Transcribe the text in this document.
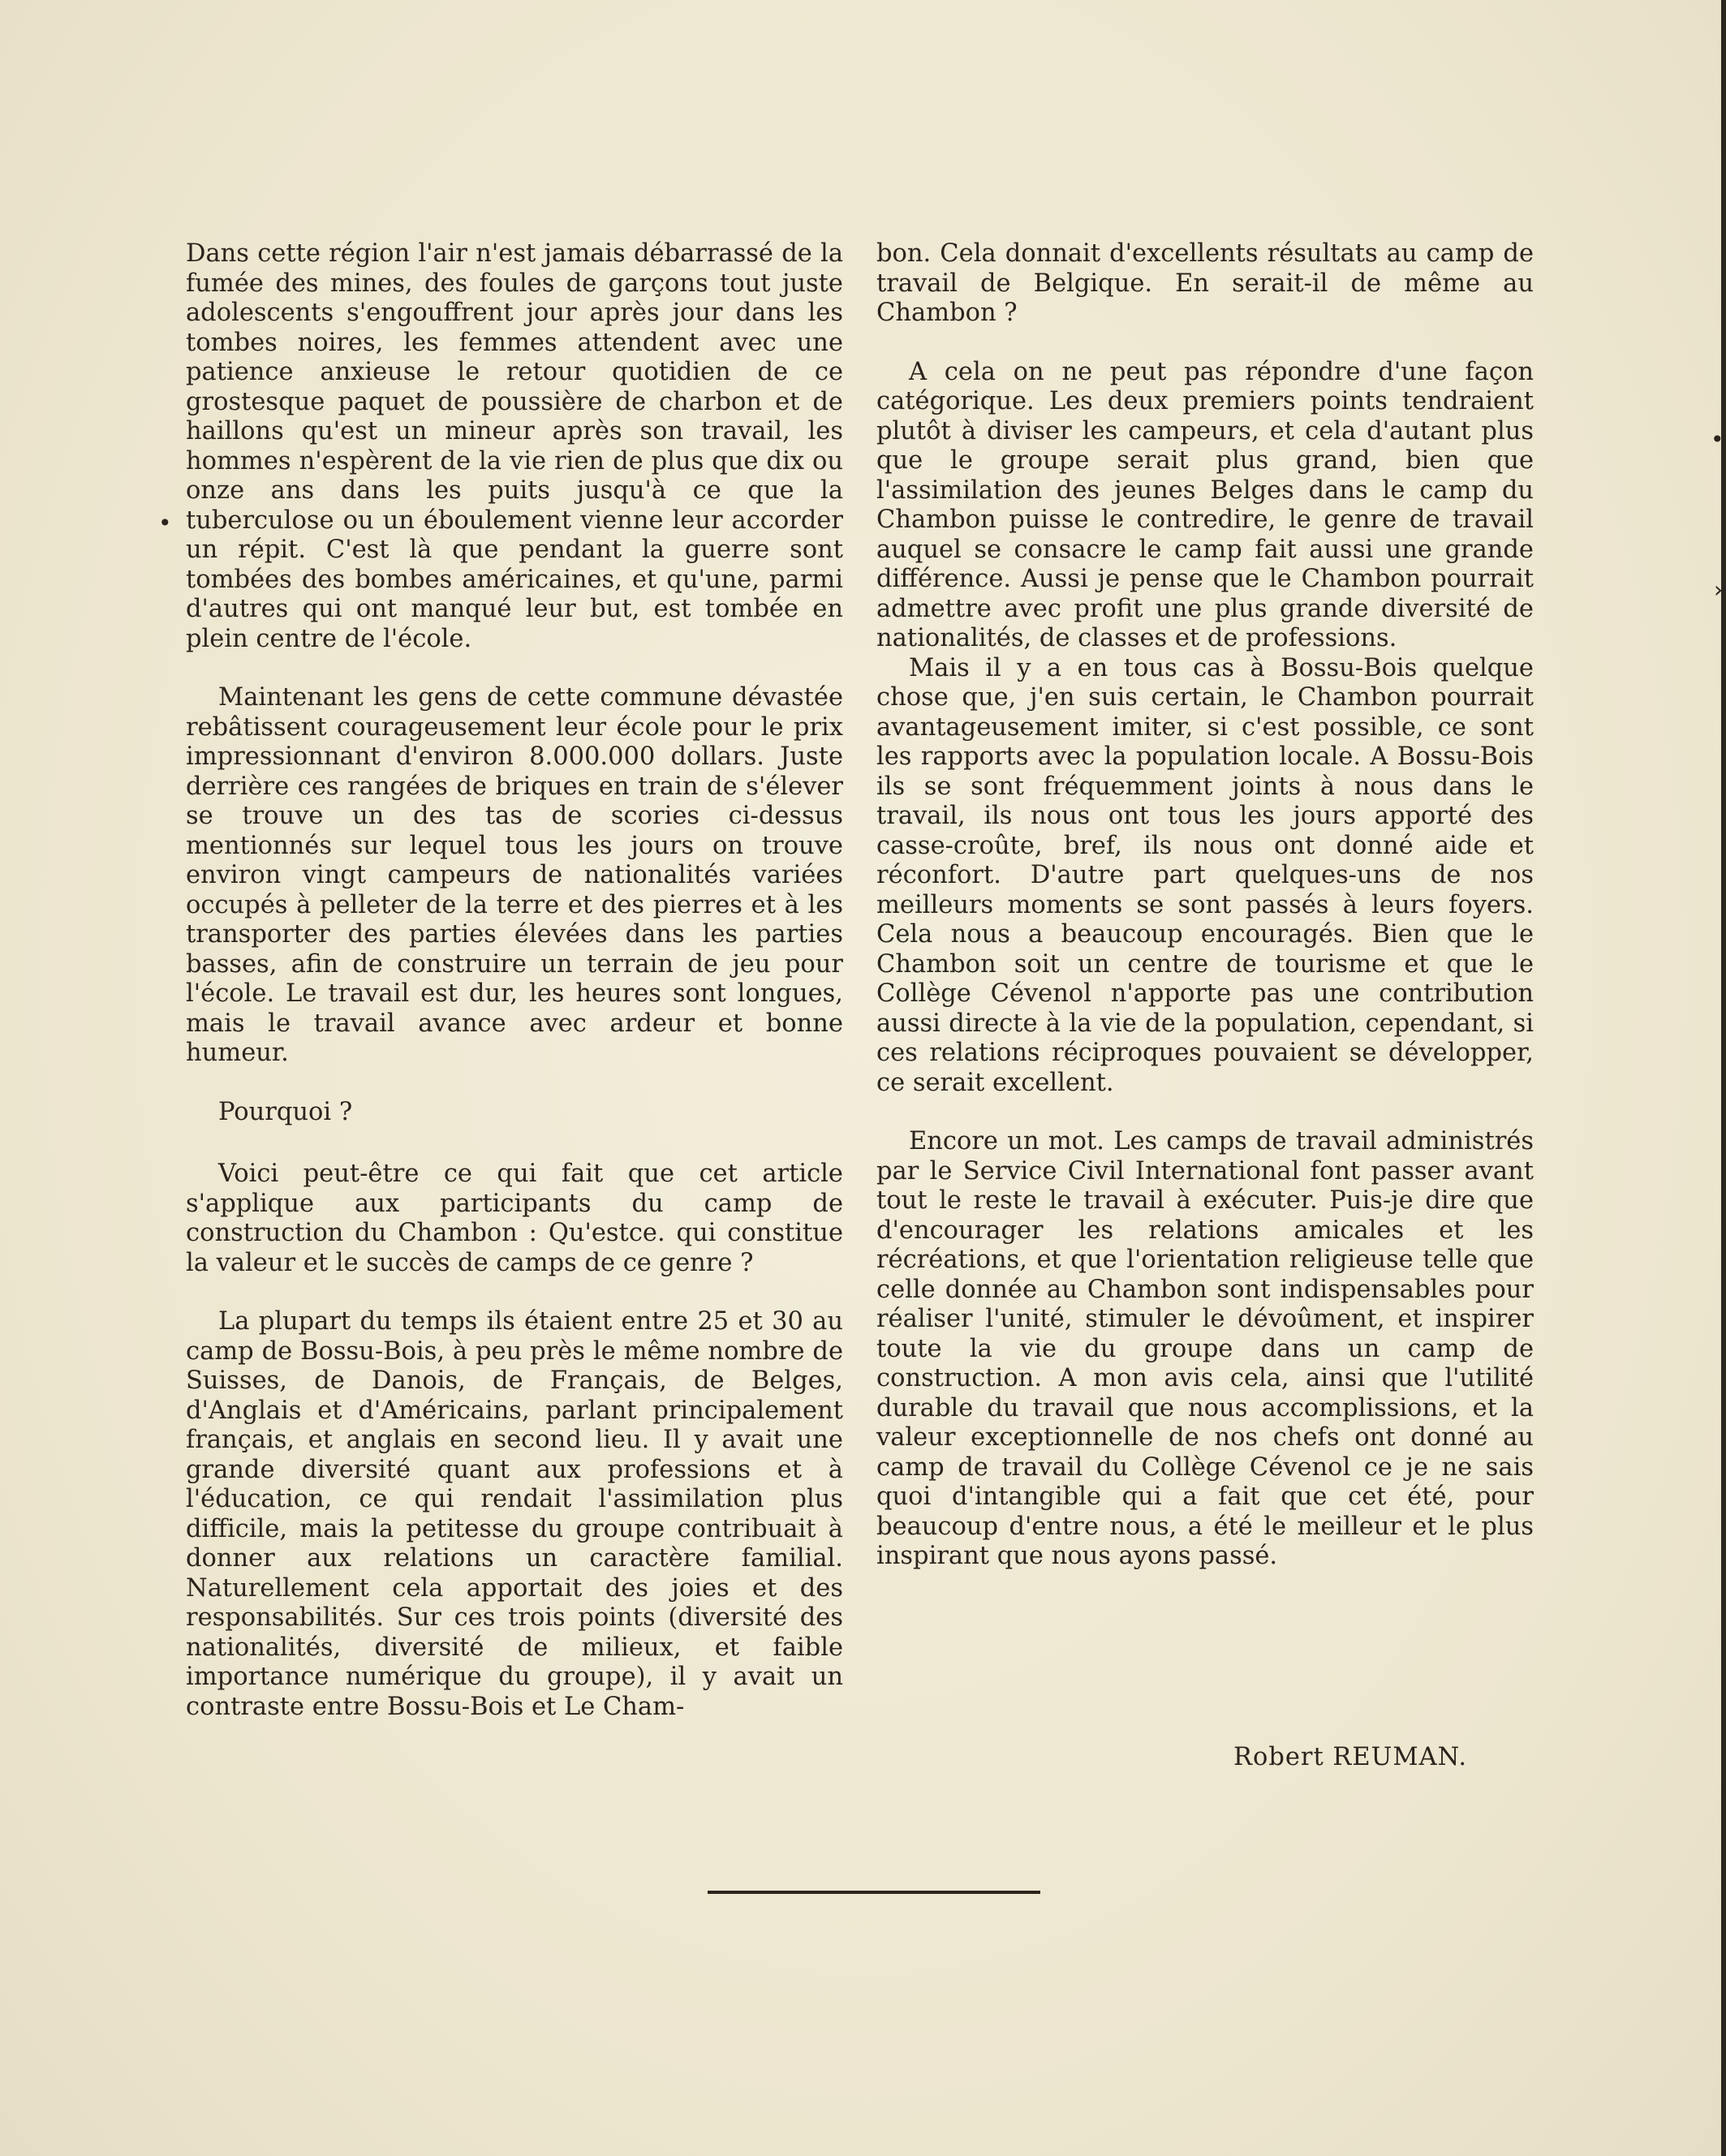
•
•
›

Dans cette région l'air n'est jamais débarrassé de la fumée des mines, des foules de garçons tout juste adolescents s'engouffrent jour après jour dans les tombes noires, les femmes attendent avec une patience anxieuse le retour quotidien de ce grostesque paquet de poussière de charbon et de haillons qu'est un mineur après son travail, les hommes n'espèrent de la vie rien de plus que dix ou onze ans dans les puits jusqu'à ce que la tuberculose ou un éboulement vienne leur accorder un répit. C'est là que pendant la guerre sont tombées des bombes américaines, et qu'une, parmi d'autres qui ont manqué leur but, est tombée en plein centre de l'école.

Maintenant les gens de cette commune dévastée rebâtissent courageusement leur école pour le prix impressionnant d'environ 8.000.000 dollars. Juste derrière ces rangées de briques en train de s'élever se trouve un des tas de scories ci-dessus mentionnés sur lequel tous les jours on trouve environ vingt campeurs de nationalités variées occupés à pelleter de la terre et des pierres et à les transporter des parties élevées dans les parties basses, afin de construire un terrain de jeu pour l'école. Le travail est dur, les heures sont longues, mais le travail avance avec ardeur et bonne humeur.

Pourquoi ?

Voici peut-être ce qui fait que cet article s'applique aux participants du camp de construction du Chambon : Qu'estce. qui constitue la valeur et le succès de camps de ce genre ?

La plupart du temps ils étaient entre 25 et 30 au camp de Bossu-Bois, à peu près le même nombre de Suisses, de Danois, de Français, de Belges, d'Anglais et d'Américains, parlant principalement français, et anglais en second lieu. Il y avait une grande diversité quant aux professions et à l'éducation, ce qui rendait l'assimilation plus difficile, mais la petitesse du groupe contribuait à donner aux relations un caractère familial. Naturellement cela apportait des joies et des responsabilités. Sur ces trois points (diversité des nationalités, diversité de milieux, et faible importance numérique du groupe), il y avait un contraste entre Bossu-Bois et Le Cham-

bon. Cela donnait d'excellents résultats au camp de travail de Belgique. En serait-il de même au Chambon ?

A cela on ne peut pas répondre d'une façon catégorique. Les deux premiers points tendraient plutôt à diviser les campeurs, et cela d'autant plus que le groupe serait plus grand, bien que l'assimilation des jeunes Belges dans le camp du Chambon puisse le contredire, le genre de travail auquel se consacre le camp fait aussi une grande différence. Aussi je pense que le Chambon pourrait admettre avec profit une plus grande diversité de nationalités, de classes et de professions.

Mais il y a en tous cas à Bossu-Bois quelque chose que, j'en suis certain, le Chambon pourrait avantageusement imiter, si c'est possible, ce sont les rapports avec la population locale. A Bossu-Bois ils se sont fréquemment joints à nous dans le travail, ils nous ont tous les jours apporté des casse-croûte, bref, ils nous ont donné aide et réconfort. D'autre part quelques-uns de nos meilleurs moments se sont passés à leurs foyers. Cela nous a beaucoup encouragés. Bien que le Chambon soit un centre de tourisme et que le Collège Cévenol n'apporte pas une contribution aussi directe à la vie de la population, cependant, si ces relations réciproques pouvaient se développer, ce serait excellent.

Encore un mot. Les camps de travail administrés par le Service Civil International font passer avant tout le reste le travail à exécuter. Puis-je dire que d'encourager les relations amicales et les récréations, et que l'orientation religieuse telle que celle donnée au Chambon sont indispensables pour réaliser l'unité, stimuler le dévoûment, et inspirer toute la vie du groupe dans un camp de construction. A mon avis cela, ainsi que l'utilité durable du travail que nous accomplissions, et la valeur exceptionnelle de nos chefs ont donné au camp de travail du Collège Cévenol ce je ne sais quoi d'intangible qui a fait que cet été, pour beaucoup d'entre nous, a été le meilleur et le plus inspirant que nous ayons passé.

Robert REUMAN.
